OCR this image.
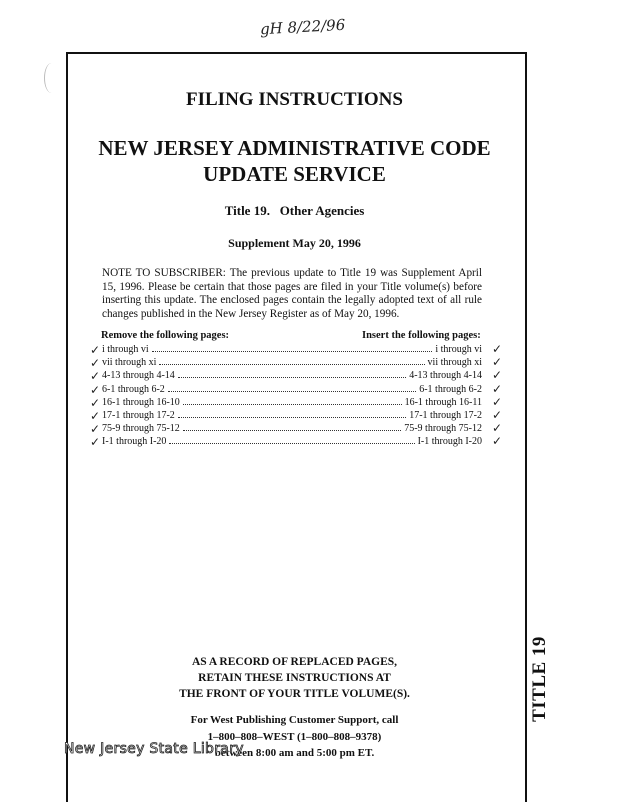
gH 8/22/96
FILING INSTRUCTIONS
NEW JERSEY ADMINISTRATIVE CODE
UPDATE SERVICE
Title 19.   Other Agencies
Supplement May 20, 1996
NOTE TO SUBSCRIBER: The previous update to Title 19 was Supplement April 15, 1996. Please be certain that those pages are filed in your Title volume(s) before inserting this update. The enclosed pages contain the legally adopted text of all rule changes published in the New Jersey Register as of May 20, 1996.
Remove the following pages:	Insert the following pages:
✓ i through vi	i through vi ✓
✓ vii through xi	vii through xi ✓
✓ 4-13 through 4-14	4-13 through 4-14 ✓
✓ 6-1 through 6-2	6-1 through 6-2 ✓
✓ 16-1 through 16-10	16-1 through 16-11 ✓
✓ 17-1 through 17-2	17-1 through 17-2 ✓
✓ 75-9 through 75-12	75-9 through 75-12 ✓
✓ I-1 through I-20	I-1 through I-20 ✓
AS A RECORD OF REPLACED PAGES,
RETAIN THESE INSTRUCTIONS AT
THE FRONT OF YOUR TITLE VOLUME(S).
For West Publishing Customer Support, call
1–800–808–WEST (1–800–808–9378)
between 8:00 am and 5:00 pm ET.
TITLE 19
New Jersey State Library
